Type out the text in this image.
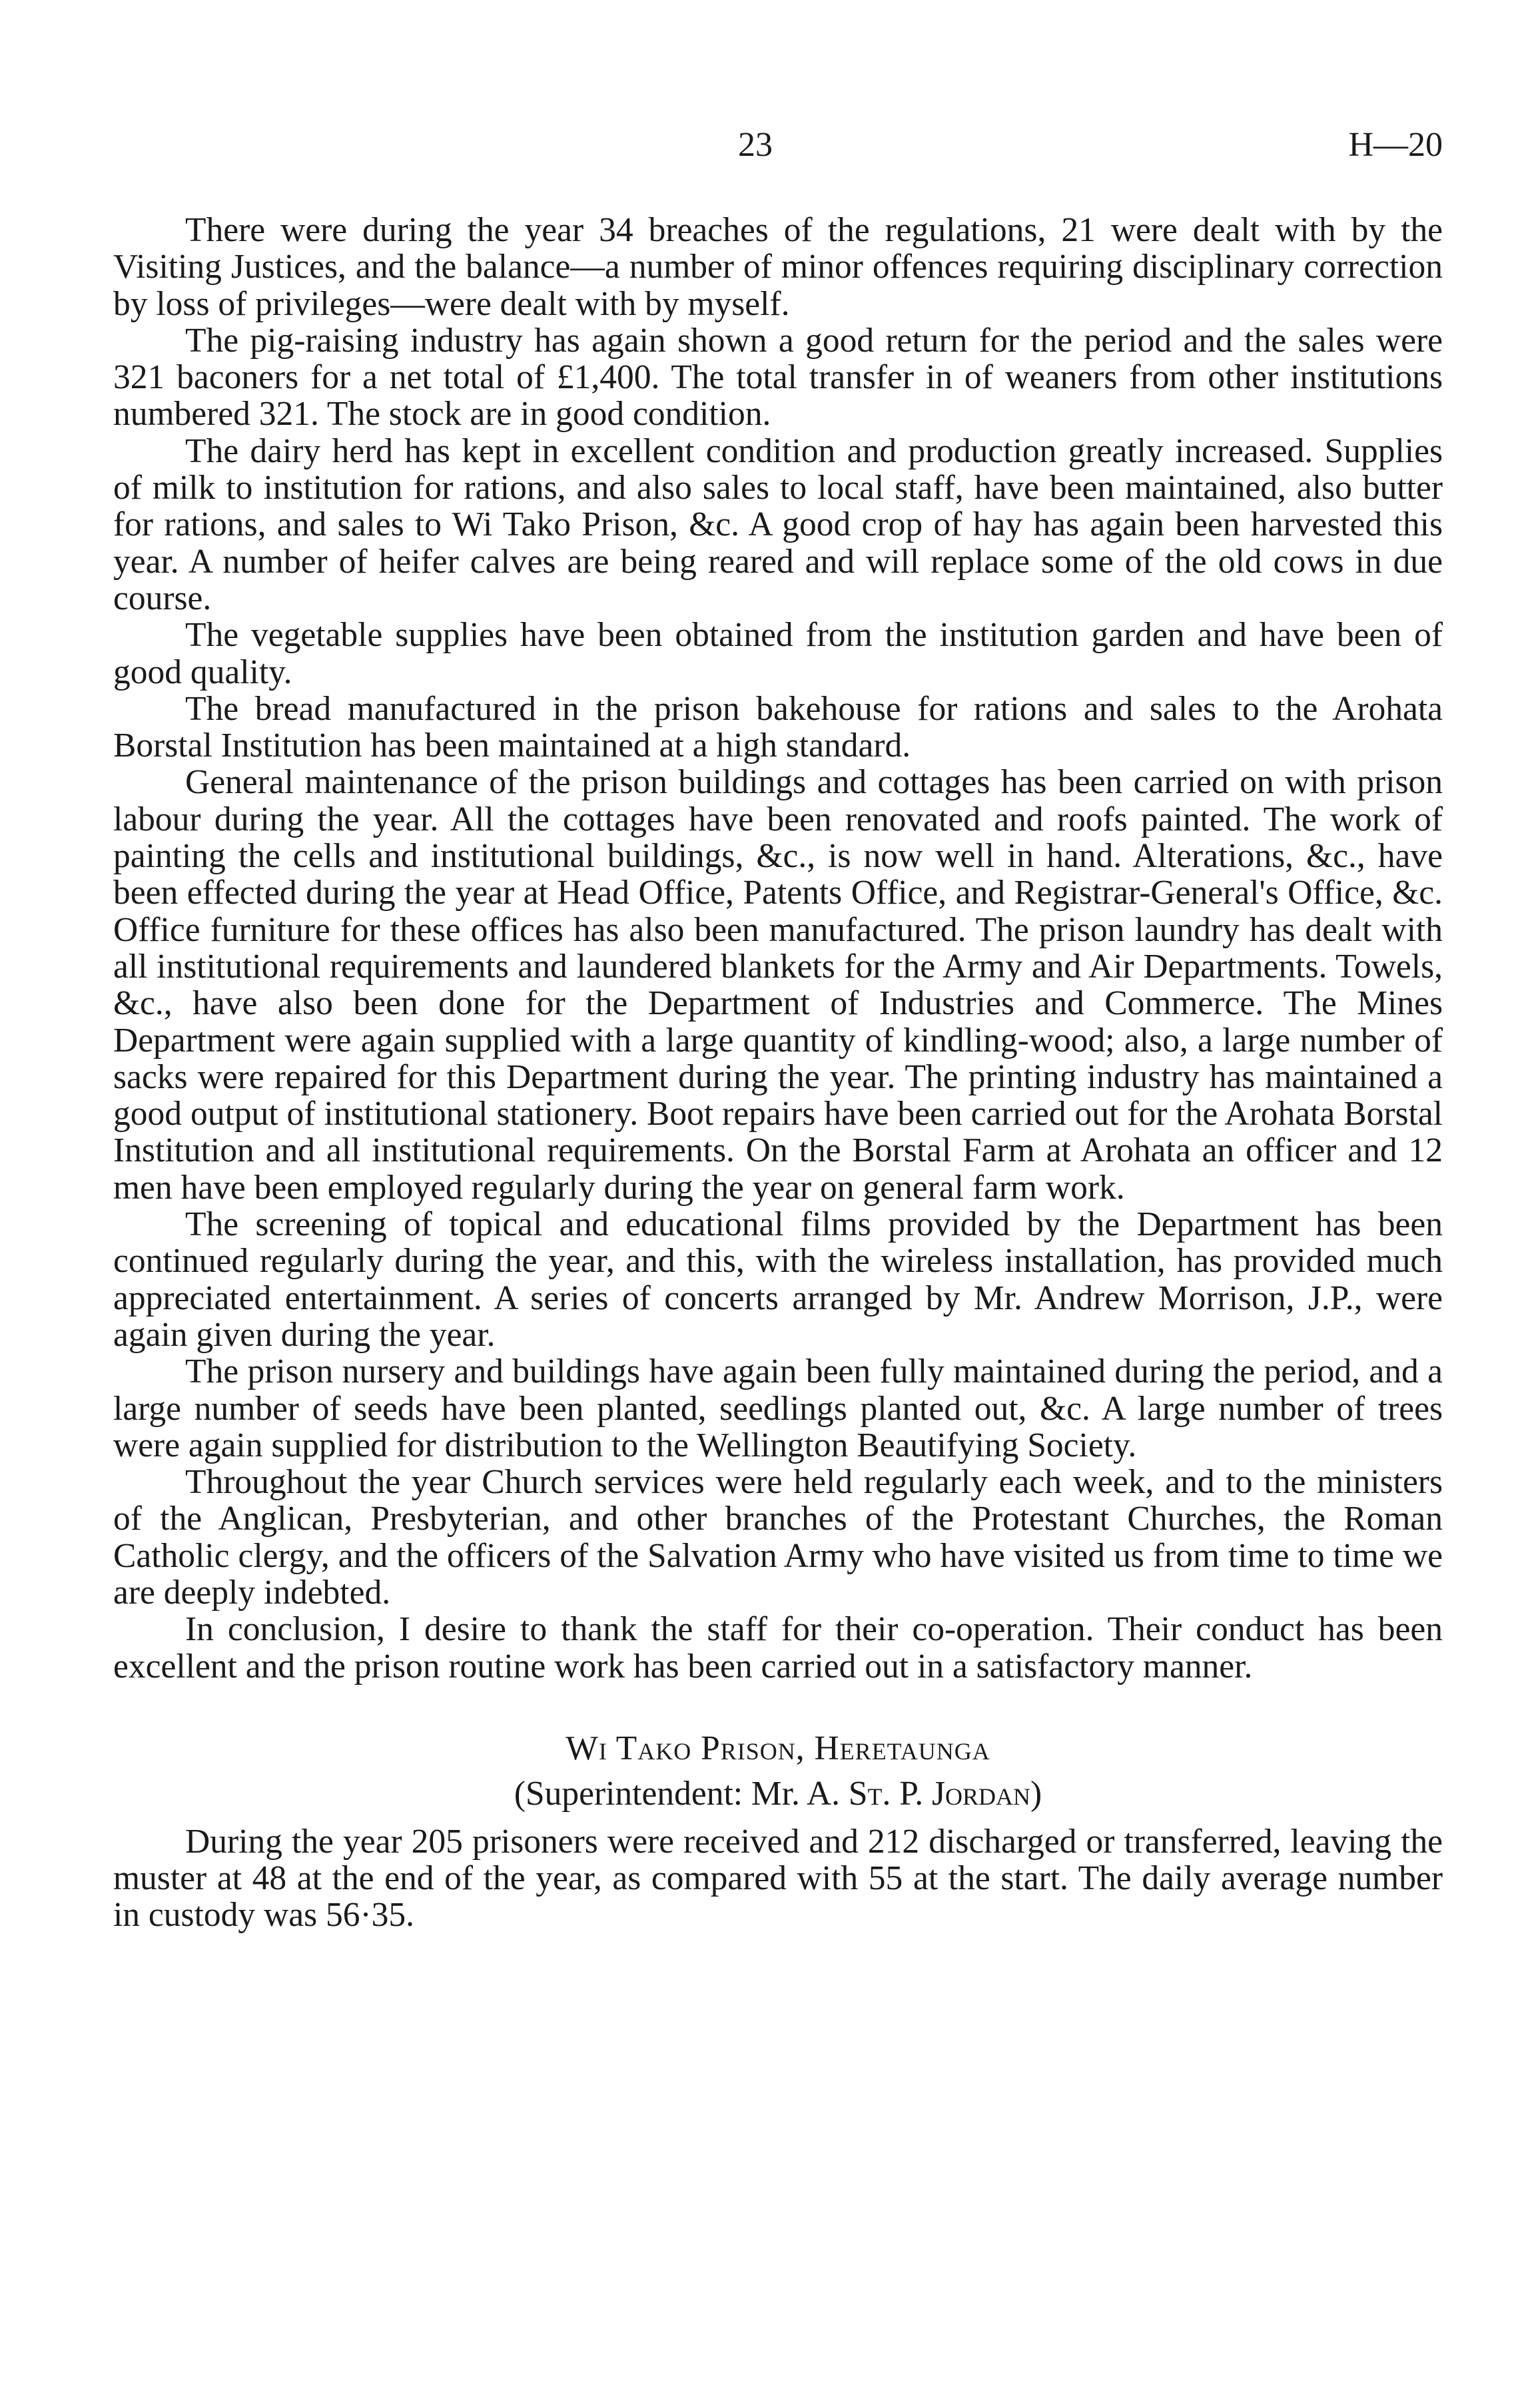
23	H—20

There were during the year 34 breaches of the regulations, 21 were dealt with by the Visiting Justices, and the balance—a number of minor offences requiring disciplinary correction by loss of privileges—were dealt with by myself.

The pig-raising industry has again shown a good return for the period and the sales were 321 baconers for a net total of £1,400. The total transfer in of weaners from other institutions numbered 321. The stock are in good condition.

The dairy herd has kept in excellent condition and production greatly increased. Supplies of milk to institution for rations, and also sales to local staff, have been maintained, also butter for rations, and sales to Wi Tako Prison, &c. A good crop of hay has again been harvested this year. A number of heifer calves are being reared and will replace some of the old cows in due course.

The vegetable supplies have been obtained from the institution garden and have been of good quality.

The bread manufactured in the prison bakehouse for rations and sales to the Arohata Borstal Institution has been maintained at a high standard.

General maintenance of the prison buildings and cottages has been carried on with prison labour during the year. All the cottages have been renovated and roofs painted. The work of painting the cells and institutional buildings, &c., is now well in hand. Alterations, &c., have been effected during the year at Head Office, Patents Office, and Registrar-General's Office, &c. Office furniture for these offices has also been manufactured. The prison laundry has dealt with all institutional requirements and laundered blankets for the Army and Air Departments. Towels, &c., have also been done for the Department of Industries and Commerce. The Mines Department were again supplied with a large quantity of kindling-wood; also, a large number of sacks were repaired for this Department during the year. The printing industry has maintained a good output of institutional stationery. Boot repairs have been carried out for the Arohata Borstal Institution and all institutional requirements. On the Borstal Farm at Arohata an officer and 12 men have been employed regularly during the year on general farm work.

The screening of topical and educational films provided by the Department has been continued regularly during the year, and this, with the wireless installation, has provided much appreciated entertainment. A series of concerts arranged by Mr. Andrew Morrison, J.P., were again given during the year.

The prison nursery and buildings have again been fully maintained during the period, and a large number of seeds have been planted, seedlings planted out, &c. A large number of trees were again supplied for distribution to the Wellington Beautifying Society.

Throughout the year Church services were held regularly each week, and to the ministers of the Anglican, Presbyterian, and other branches of the Protestant Churches, the Roman Catholic clergy, and the officers of the Salvation Army who have visited us from time to time we are deeply indebted.

In conclusion, I desire to thank the staff for their co-operation. Their conduct has been excellent and the prison routine work has been carried out in a satisfactory manner.

Wi Tako Prison, Heretaunga
(Superintendent: Mr. A. St. P. Jordan)

During the year 205 prisoners were received and 212 discharged or transferred, leaving the muster at 48 at the end of the year, as compared with 55 at the start. The daily average number in custody was 56·35.
